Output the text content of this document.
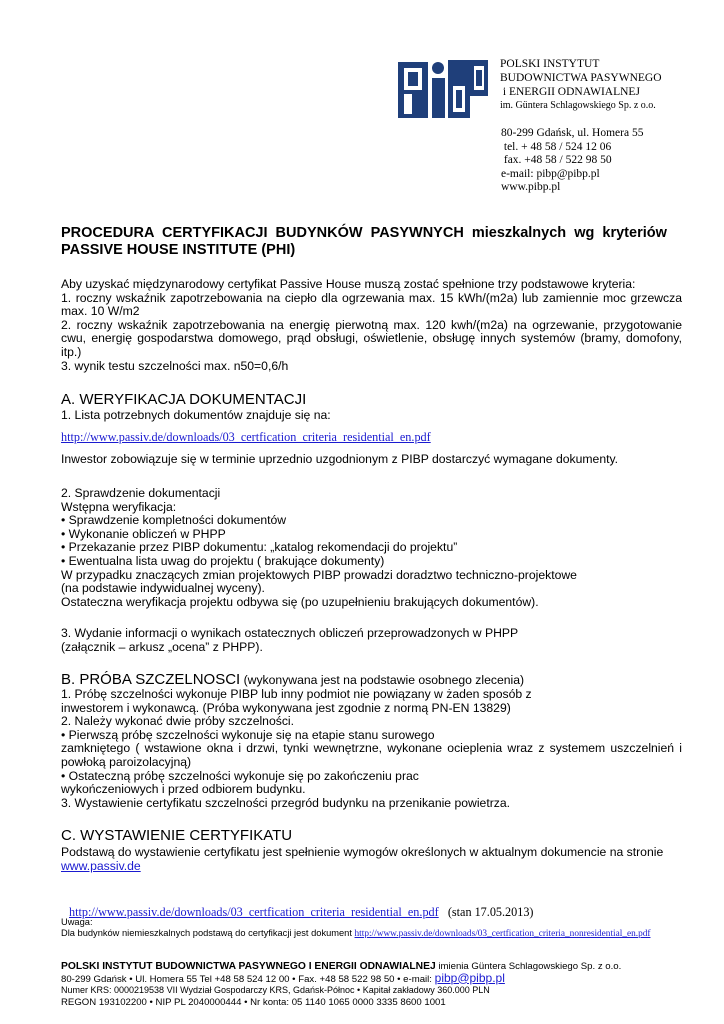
POLSKI INSTYTUT
BUDOWNICTWA PASYWNEGO
i ENERGII ODNAWIALNEJ
im. Güntera Schlagowskiego Sp. z o.o.
80-299 Gdańsk, ul. Homera 55
tel. + 48 58 / 524 12 06
fax. +48 58 / 522 98 50
e-mail: pibp@pibp.pl
www.pibp.pl
PROCEDURA  CERTYFIKACJI  BUDYNKÓW  PASYWNYCH  mieszkalnych  wg  kryteriów
PASSIVE HOUSE INSTITUTE (PHI)
Aby uzyskać międzynarodowy certyfikat Passive House muszą zostać spełnione trzy podstawowe kryteria:
1. roczny wskaźnik zapotrzebowania na ciepło dla ogrzewania max. 15 kWh/(m2a) lub zamiennie moc grzewcza max. 10 W/m2
2. roczny wskaźnik zapotrzebowania na energię pierwotną max. 120 kwh/(m2a) na ogrzewanie, przygotowanie cwu, energię gospodarstwa domowego, prąd obsługi, oświetlenie, obsługę innych systemów (bramy, domofony, itp.)
3. wynik testu szczelności max. n50=0,6/h
A. WERYFIKACJA DOKUMENTACJI
1. Lista potrzebnych dokumentów znajduje się na:
http://www.passiv.de/downloads/03_certfication_criteria_residential_en.pdf
Inwestor zobowiązuje się w terminie uprzednio uzgodnionym z PIBP dostarczyć wymagane dokumenty.
2. Sprawdzenie dokumentacji
Wstępna weryfikacja:
• Sprawdzenie kompletności dokumentów
• Wykonanie obliczeń w PHPP
• Przekazanie przez PIBP dokumentu: „katalog rekomendacji do projektu”
• Ewentualna lista uwag do projektu ( brakujące dokumenty)
W przypadku znaczących zmian projektowych PIBP prowadzi doradztwo techniczno-projektowe
(na podstawie indywidualnej wyceny).
Ostateczna weryfikacja projektu odbywa się (po uzupełnieniu brakujących dokumentów).
3. Wydanie informacji o wynikach ostatecznych obliczeń przeprowadzonych w PHPP
(załącznik – arkusz „ocena” z PHPP).
B. PRÓBA SZCZELNOSCI (wykonywana jest na podstawie osobnego zlecenia)
1. Próbę szczelności wykonuje PIBP lub inny podmiot nie powiązany w żaden sposób z
inwestorem i wykonawcą. (Próba wykonywana jest zgodnie z normą PN-EN 13829)
2. Należy wykonać dwie próby szczelności.
• Pierwszą próbę szczelności wykonuje się na etapie stanu surowego
zamkniętego ( wstawione okna i drzwi, tynki wewnętrzne, wykonane ocieplenia wraz z systemem uszczelnień i powłoką paroizolacyjną)
• Ostateczną próbę szczelności wykonuje się po zakończeniu prac
wykończeniowych i przed odbiorem budynku.
3. Wystawienie certyfikatu szczelności przegród budynku na przenikanie powietrza.
C. WYSTAWIENIE CERTYFIKATU
Podstawą do wystawienie certyfikatu jest spełnienie wymogów określonych w aktualnym dokumencie na stronie
www.passiv.de

http://www.passiv.de/downloads/03_certfication_criteria_residential_en.pdf   (stan 17.05.2013)

Uwaga:
Dla budynków niemieszkalnych podstawą do certyfikacji jest dokument http://www.passiv.de/downloads/03_certfication_criteria_nonresidential_en.pdf
POLSKI INSTYTUT BUDOWNICTWA PASYWNEGO I ENERGII ODNAWIALNEJ imienia Güntera Schlagowskiego Sp. z o.o.
80-299 Gdańsk • Ul. Homera 55 Tel +48 58 524 12 00 • Fax. +48 58 522 98 50 • e-mail: pibp@pibp.pl
Numer KRS: 0000219538 VII Wydział Gospodarczy KRS, Gdańsk-Północ • Kapitał zakładowy 360.000 PLN
REGON 193102200 • NIP PL 2040000444 • Nr konta: 05 1140 1065 0000 3335 8600 1001
